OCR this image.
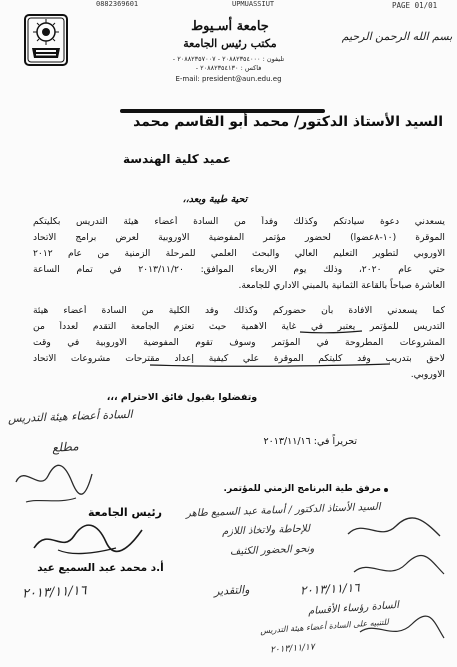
0882369601	UPMUASSIUT	PAGE 01/01
بسم الله الرحمن الرحيم
جامعة أسـيوط
مكتب رئيس الجامعة
تليفون : ٢٠٨٨٢٣٥٤٠٠٠ - ٢٠٨٨٢٣٥٧٠٠٧ -
فاكس : ٢٠٨٨٢٣٥٤١٣٠ -
E-mail: president@aun.edu.eg
السيد الأستاذ الدكتور/ محمد أبو القاسم محمد
عميد كلية الهندسة
تحية طيبة وبعد،،
يسعدني دعوة سيادتكم وكذلك وفداً من السادة أعضاء هيئة التدريس بكليتكم
الموقرة (١٠-٨عضوا) لحضور مؤتمر المفوضية الاوروبية لعرض برامج الاتحاد
الاوروبي لتطوير التعليم العالي والبحث العلمي للمرحلة الزمنية من عام ٢٠١٢
حتي عام ٢٠٢٠، وذلك يوم الاربعاء الموافق: ٢٠١٣/١١/٢٠ في تمام الساعة
العاشرة صباحاً بالقاعة الثمانية بالمبني الاداري للجامعة.
كما يسعدني الافادة بأن حضوركم وكذلك وفد الكلية من السادة أعضاء هيئة
التدريس للمؤتمر يعتبر في غاية الاهمية حيث تعتزم الجامعة التقدم لعدداً من
المشروعات المطروحة في المؤتمر وسوف تقوم المفوضية الاوروبية في وقت
لاحق بتدريب وفد كليتكم الموقرة علي كيفية إعداد مقترحات مشروعات الاتحاد
الاوروبي.
وتفضلوا بقبول فائق الاحترام ،،،
تحريراً في: ٢٠١٣/١١/١٦
مرفق طية البرنامج الزمني للمؤتمر.
رئيس الجامعة
أ.د محمد عبد السميع عيد
السادة أعضاء هيئة التدريس
مطلع
٢٠١٣/١١/١٦
السيد الأستاذ الدكتور / أسامة عبد السميع طاهر
للإحاطة ولاتخاذ اللازم
ونحو الحضور الكثيف
والتقدير	٢٠١٣/١١/١٦
السادة رؤساء الأقسام
للتنبيه على السادة أعضاء هيئة التدريس
٢٠١٣/١١/١٧
